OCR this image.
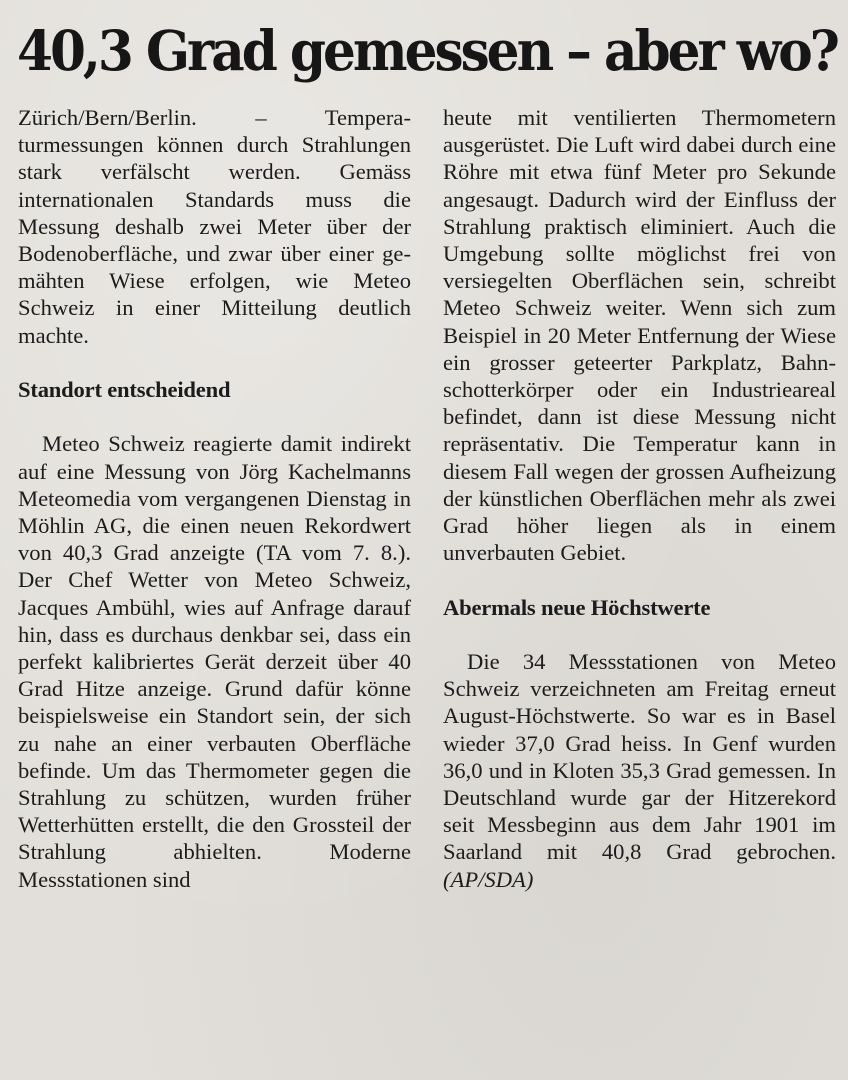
40,3 Grad gemessen – aber wo?

Zürich/Bern/Berlin. – Temperaturmessungen können durch Strahlungen stark verfälscht werden. Gemäss internationalen Standards muss die Messung deshalb zwei Meter über der Bodenoberfläche, und zwar über einer gemähten Wiese erfolgen, wie Meteo Schweiz in einer Mitteilung deutlich machte.

Standort entscheidend

Meteo Schweiz reagierte damit indirekt auf eine Messung von Jörg Kachelmanns Meteomedia vom vergangenen Dienstag in Möhlin AG, die einen neuen Rekordwert von 40,3 Grad anzeigte (TA vom 7. 8.). Der Chef Wetter von Meteo Schweiz, Jacques Ambühl, wies auf Anfrage darauf hin, dass es durchaus denkbar sei, dass ein perfekt kalibriertes Gerät derzeit über 40 Grad Hitze anzeige. Grund dafür könne beispielsweise ein Standort sein, der sich zu nahe an einer verbauten Oberfläche befinde. Um das Thermometer gegen die Strahlung zu schützen, wurden früher Wetterhütten erstellt, die den Grossteil der Strahlung abhielten. Moderne Messstationen sind

heute mit ventilierten Thermometern ausgerüstet. Die Luft wird dabei durch eine Röhre mit etwa fünf Meter pro Sekunde angesaugt. Dadurch wird der Einfluss der Strahlung praktisch eliminiert. Auch die Umgebung sollte möglichst frei von versiegelten Oberflächen sein, schreibt Meteo Schweiz weiter. Wenn sich zum Beispiel in 20 Meter Entfernung der Wiese ein grosser geteerter Parkplatz, Bahnschotterkörper oder ein Industrieareal befindet, dann ist diese Messung nicht repräsentativ. Die Temperatur kann in diesem Fall wegen der grossen Aufheizung der künstlichen Oberflächen mehr als zwei Grad höher liegen als in einem unverbauten Gebiet.

Abermals neue Höchstwerte

Die 34 Messstationen von Meteo Schweiz verzeichneten am Freitag erneut August-Höchstwerte. So war es in Basel wieder 37,0 Grad heiss. In Genf wurden 36,0 und in Kloten 35,3 Grad gemessen. In Deutschland wurde gar der Hitzerekord seit Messbeginn aus dem Jahr 1901 im Saarland mit 40,8 Grad gebrochen. (AP/SDA)
